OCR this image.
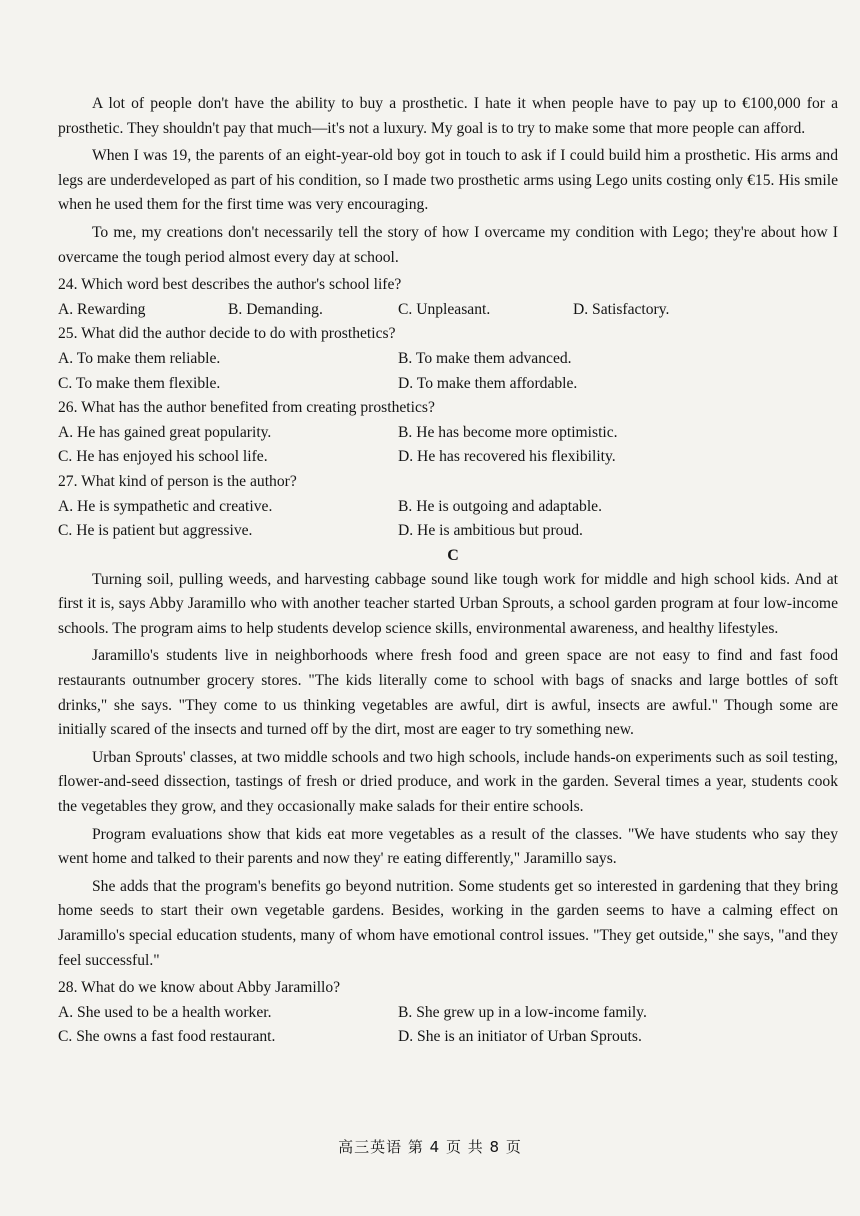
A lot of people don't have the ability to buy a prosthetic. I hate it when people have to pay up to €100,000 for a prosthetic. They shouldn't pay that much—it's not a luxury. My goal is to try to make some that more people can afford.

When I was 19, the parents of an eight-year-old boy got in touch to ask if I could build him a prosthetic. His arms and legs are underdeveloped as part of his condition, so I made two prosthetic arms using Lego units costing only €15. His smile when he used them for the first time was very encouraging.

To me, my creations don't necessarily tell the story of how I overcame my condition with Lego; they're about how I overcame the tough period almost every day at school.

24. Which word best describes the author's school life?

A. Rewarding	B. Demanding.	C. Unpleasant.	D. Satisfactory.

25. What did the author decide to do with prosthetics?

A. To make them reliable.	B. To make them advanced.
C. To make them flexible.	D. To make them affordable.

26. What has the author benefited from creating prosthetics?

A. He has gained great popularity.	B. He has become more optimistic.
C. He has enjoyed his school life.	D. He has recovered his flexibility.

27. What kind of person is the author?

A. He is sympathetic and creative.	B. He is outgoing and adaptable.
C. He is patient but aggressive.	D. He is ambitious but proud.

C

Turning soil, pulling weeds, and harvesting cabbage sound like tough work for middle and high school kids. And at first it is, says Abby Jaramillo who with another teacher started Urban Sprouts, a school garden program at four low-income schools. The program aims to help students develop science skills, environmental awareness, and healthy lifestyles.

Jaramillo's students live in neighborhoods where fresh food and green space are not easy to find and fast food restaurants outnumber grocery stores. "The kids literally come to school with bags of snacks and large bottles of soft drinks," she says. "They come to us thinking vegetables are awful, dirt is awful, insects are awful." Though some are initially scared of the insects and turned off by the dirt, most are eager to try something new.

Urban Sprouts' classes, at two middle schools and two high schools, include hands-on experiments such as soil testing, flower-and-seed dissection, tastings of fresh or dried produce, and work in the garden. Several times a year, students cook the vegetables they grow, and they occasionally make salads for their entire schools.

Program evaluations show that kids eat more vegetables as a result of the classes. "We have students who say they went home and talked to their parents and now they' re eating differently," Jaramillo says.

She adds that the program's benefits go beyond nutrition. Some students get so interested in gardening that they bring home seeds to start their own vegetable gardens. Besides, working in the garden seems to have a calming effect on Jaramillo's special education students, many of whom have emotional control issues. "They get outside," she says, "and they feel successful."

28. What do we know about Abby Jaramillo?

A. She used to be a health worker.	B. She grew up in a low-income family.
C. She owns a fast food restaurant.	D. She is an initiator of Urban Sprouts.
高三英语 第 4 页 共 8 页
